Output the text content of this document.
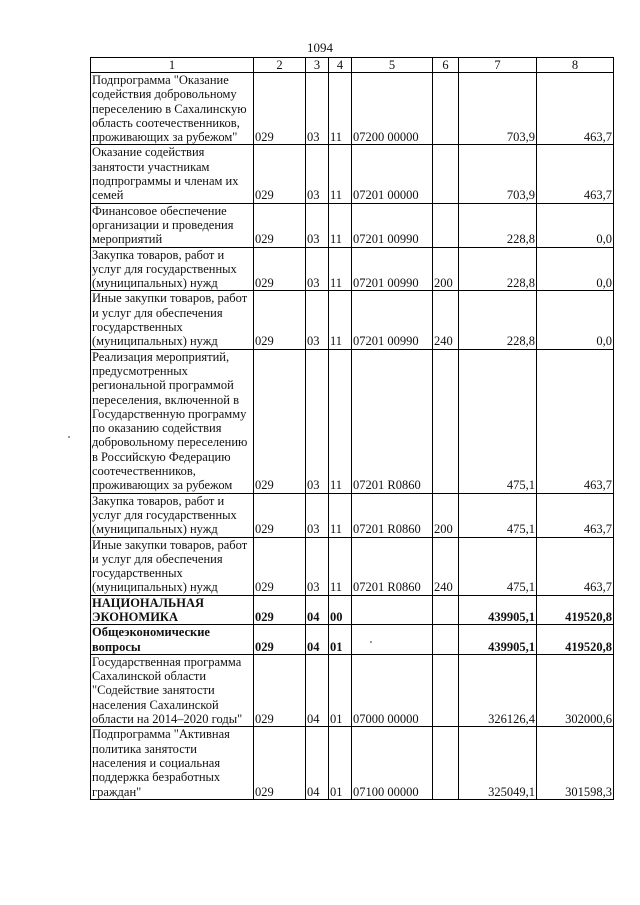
1094
1	2	3	4	5	6	7	8
Подпрограмма "Оказание содействия добровольному переселению в Сахалинскую область соотечественников, проживающих за рубежом"	029	03	11	07200 00000		703,9	463,7
Оказание содействия занятости участникам подпрограммы и членам их семей	029	03	11	07201 00000		703,9	463,7
Финансовое обеспечение организации и проведения мероприятий	029	03	11	07201 00990		228,8	0,0
Закупка товаров, работ и услуг для государственных (муниципальных) нужд	029	03	11	07201 00990	200	228,8	0,0
Иные закупки товаров, работ и услуг для обеспечения государственных (муниципальных) нужд	029	03	11	07201 00990	240	228,8	0,0
Реализация мероприятий, предусмотренных региональной программой переселения, включенной в Государственную программу по оказанию содействия добровольному переселению в Российскую Федерацию соотечественников, проживающих за рубежом	029	03	11	07201 R0860		475,1	463,7
Закупка товаров, работ и услуг для государственных (муниципальных) нужд	029	03	11	07201 R0860	200	475,1	463,7
Иные закупки товаров, работ и услуг для обеспечения государственных (муниципальных) нужд	029	03	11	07201 R0860	240	475,1	463,7
НАЦИОНАЛЬНАЯ ЭКОНОМИКА	029	04	00			439905,1	419520,8
Общеэкономические вопросы	029	04	01			439905,1	419520,8
Государственная программа Сахалинской области "Содействие занятости населения Сахалинской области на 2014–2020 годы"	029	04	01	07000 00000		326126,4	302000,6
Подпрограмма "Активная политика занятости населения и социальная поддержка безработных граждан"	029	04	01	07100 00000		325049,1	301598,3
